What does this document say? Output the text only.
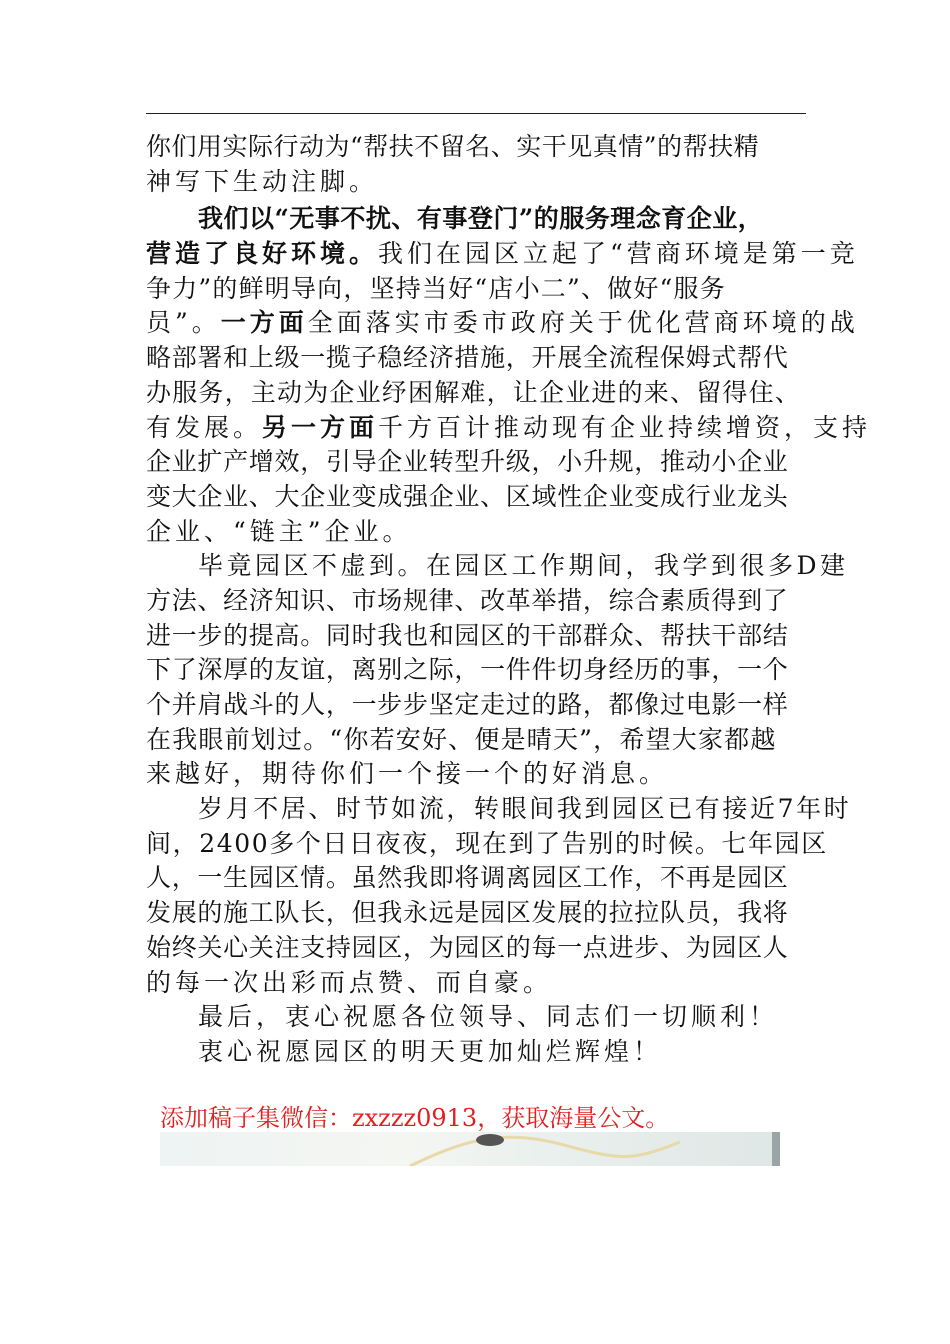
你们用实际行动为“帮扶不留名、实干见真情”的帮扶精
神写下生动注脚。
我们以“无事不扰、有事登门”的服务理念育企业，
营造了良好环境。 我们在园区立起了“营商环境是第一竞
争力”的鲜明导向，坚持当好“店小二”、做好“服务
员”。 一方面 全面落实市委市政府关于优化营商环境的战
略部署和上级一揽子稳经济措施，开展全流程保姆式帮代
办服务，主动为企业纾困解难，让企业进的来、留得住、
有发展。 另一方面 千方百计推动现有企业持续增资，支持
企业扩产增效，引导企业转型升级，小升规，推动小企业
变大企业、大企业变成强企业、区域性企业变成行业龙头
企业、“链主”企业。
毕竟园区不虚到。在园区工作期间，我学到很多D建
方法、经济知识、市场规律、改革举措，综合素质得到了
进一步的提高。同时我也和园区的干部群众、帮扶干部结
下了深厚的友谊，离别之际，一件件切身经历的事，一个
个并肩战斗的人，一步步坚定走过的路，都像过电影一样
在我眼前划过。“你若安好、便是晴天”，希望大家都越
来越好，期待你们一个接一个的好消息。
岁月不居、时节如流，转眼间我到园区已有接近7年时
间，2400多个日日夜夜，现在到了告别的时候。七年园区
人，一生园区情。虽然我即将调离园区工作，不再是园区
发展的施工队长，但我永远是园区发展的拉拉队员，我将
始终关心关注支持园区，为园区的每一点进步、为园区人
的每一次出彩而点赞、而自豪。
最后，衷心祝愿各位领导、同志们一切顺利！
衷心祝愿园区的明天更加灿烂辉煌！
添加稿子集微信：zxzzz0913，获取海量公文。
